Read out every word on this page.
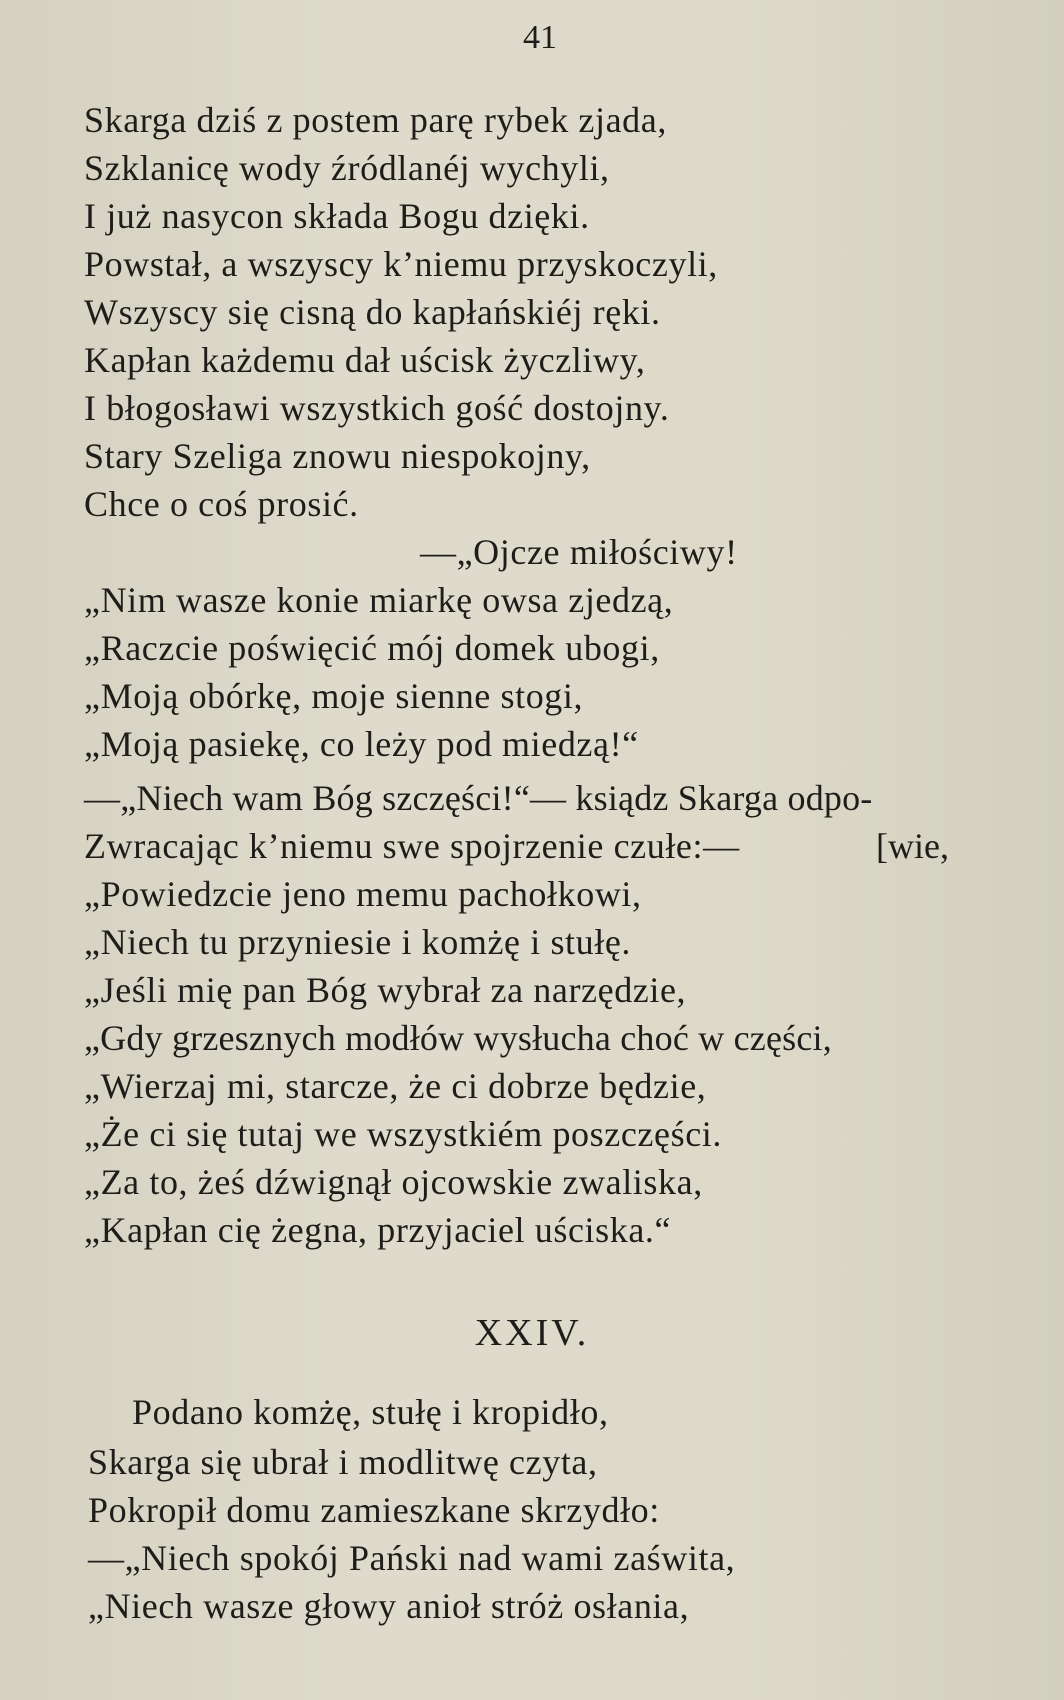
41
Skarga dziś z postem parę rybek zjada,
Szklanicę wody źródlanéj wychyli,
I już nasycon składa Bogu dzięki.
Powstał, a wszyscy k’niemu przyskoczyli,
Wszyscy się cisną do kapłańskiéj ręki.
Kapłan każdemu dał uścisk życzliwy,
I błogosławi wszystkich gość dostojny.
Stary Szeliga znowu niespokojny,
Chce o coś prosić.
—„Ojcze miłościwy!
„Nim wasze konie miarkę owsa zjedzą,
„Raczcie poświęcić mój domek ubogi,
„Moją obórkę, moje sienne stogi,
„Moją pasiekę, co leży pod miedzą!“
—„Niech wam Bóg szczęści!“— ksiądz Skarga odpo-
Zwracając k’niemu swe spojrzenie czułe:—	[wie,
„Powiedzcie jeno memu pachołkowi,
„Niech tu przyniesie i komżę i stułę.
„Jeśli mię pan Bóg wybrał za narzędzie,
„Gdy grzesznych modłów wysłucha choć w części,
„Wierzaj mi, starcze, że ci dobrze będzie,
„Że ci się tutaj we wszystkiém poszczęści.
„Za to, żeś dźwignął ojcowskie zwaliska,
„Kapłan cię żegna, przyjaciel uściska.“
XXIV.
Podano komżę, stułę i kropidło,
Skarga się ubrał i modlitwę czyta,
Pokropił domu zamieszkane skrzydło:
—„Niech spokój Pański nad wami zaświta,
„Niech wasze głowy anioł stróż osłania,
